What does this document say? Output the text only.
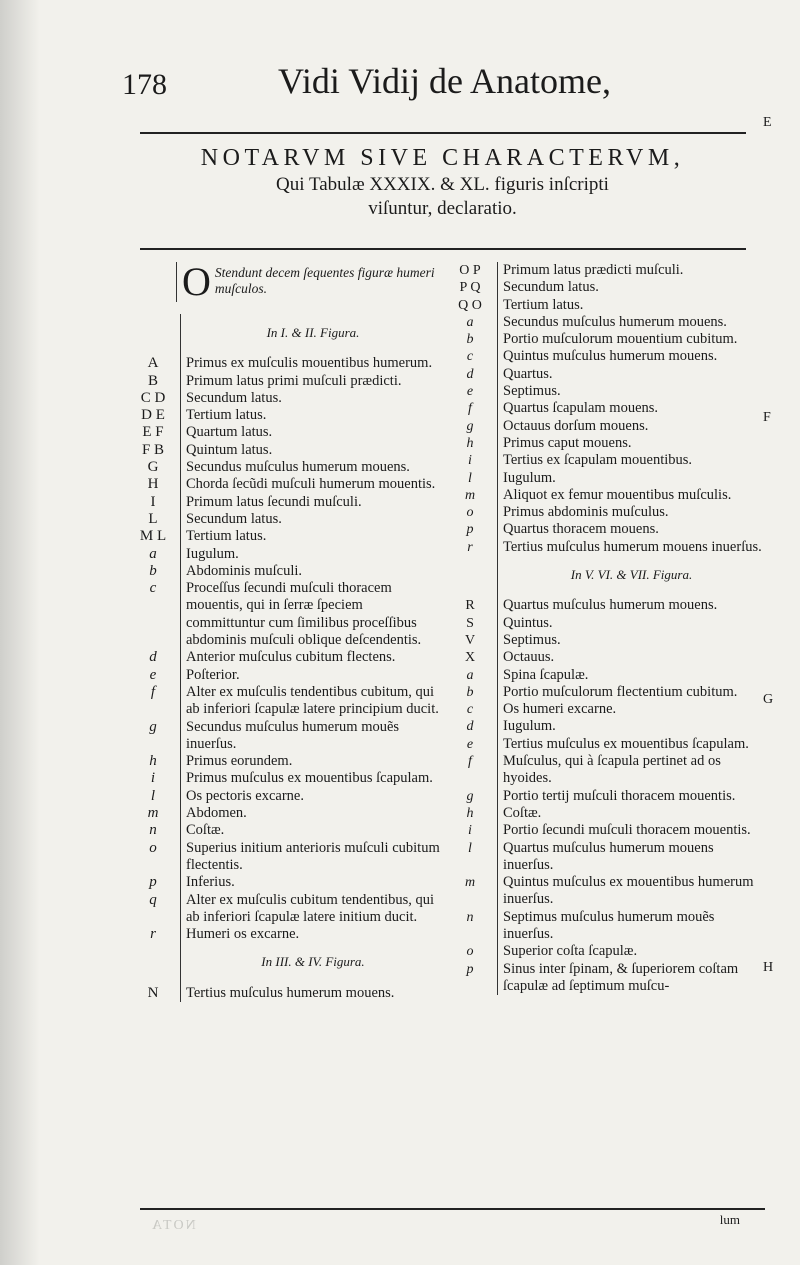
178	Vidi Vidij de Anatome,
NOTARVM SIVE CHARACTERVM,
Qui Tabulæ XXXIX. & XL. figuris inſcripti
viſuntur, declaratio.
O Stendunt decem ſequentes figuræ humeri muſculos.
In I. & II. Figura.
A	Primus ex muſculis mouentibus humerum.
B	Primum latus primi muſculi prædicti.
C D	Secundum latus.
D E	Tertium latus.
E F	Quartum latus.
F B	Quintum latus.
G	Secundus muſculus humerum mouens.
H	Chorda ſecũdi muſculi humerum mouentis.
I	Primum latus ſecundi muſculi.
L	Secundum latus.
M L	Tertium latus.
a	Iugulum.
b	Abdominis muſculi.
c	Proceſſus ſecundi muſculi thoracem mouentis, qui in ſerræ ſpeciem committuntur cum ſimilibus proceſſibus abdominis muſculi oblique deſcendentis.
d	Anterior muſculus cubitum flectens.
e	Poſterior.
f	Alter ex muſculis tendentibus cubitum, qui ab inferiori ſcapulæ latere principium ducit.
g	Secundus muſculus humerum mouẽs inuerſus.
h	Primus eorundem.
i	Primus muſculus ex mouentibus ſcapulam.
l	Os pectoris excarne.
m	Abdomen.
n	Coſtæ.
o	Superius initium anterioris muſculi cubitum flectentis.
p	Inferius.
q	Alter ex muſculis cubitum tendentibus, qui ab inferiori ſcapulæ latere initium ducit.
r	Humeri os excarne.
In III. & IV. Figura.
N	Tertius muſculus humerum mouens.
O P	Primum latus prædicti muſculi.
P Q	Secundum latus.
Q O	Tertium latus.
a	Secundus muſculus humerum mouens.
b	Portio muſculorum mouentium cubitum.
c	Quintus muſculus humerum mouens.
d	Quartus.
e	Septimus.
f	Quartus ſcapulam mouens.
g	Octauus dorſum mouens.
h	Primus caput mouens.
i	Tertius ex ſcapulam mouentibus.
l	Iugulum.
m	Aliquot ex femur mouentibus muſculis.
o	Primus abdominis muſculus.
p	Quartus thoracem mouens.
r	Tertius muſculus humerum mouens inuerſus.
In V. VI. & VII. Figura.
R	Quartus muſculus humerum mouens.
S	Quintus.
V	Septimus.
X	Octauus.
a	Spina ſcapulæ.
b	Portio muſculorum flectentium cubitum.
c	Os humeri excarne.
d	Iugulum.
e	Tertius muſculus ex mouentibus ſcapulam.
f	Muſculus, qui à ſcapula pertinet ad os hyoides.
g	Portio tertij muſculi thoracem mouentis.
h	Coſtæ.
i	Portio ſecundi muſculi thoracem mouentis.
l	Quartus muſculus humerum mouens inuerſus.
m	Quintus muſculus ex mouentibus humerum inuerſus.
n	Septimus muſculus humerum mouẽs inuerſus.
o	Superior coſta ſcapulæ.
p	Sinus inter ſpinam, & ſuperiorem coſtam ſcapulæ ad ſeptimum muſcu-
lum
NOTA
E
F
G
H
